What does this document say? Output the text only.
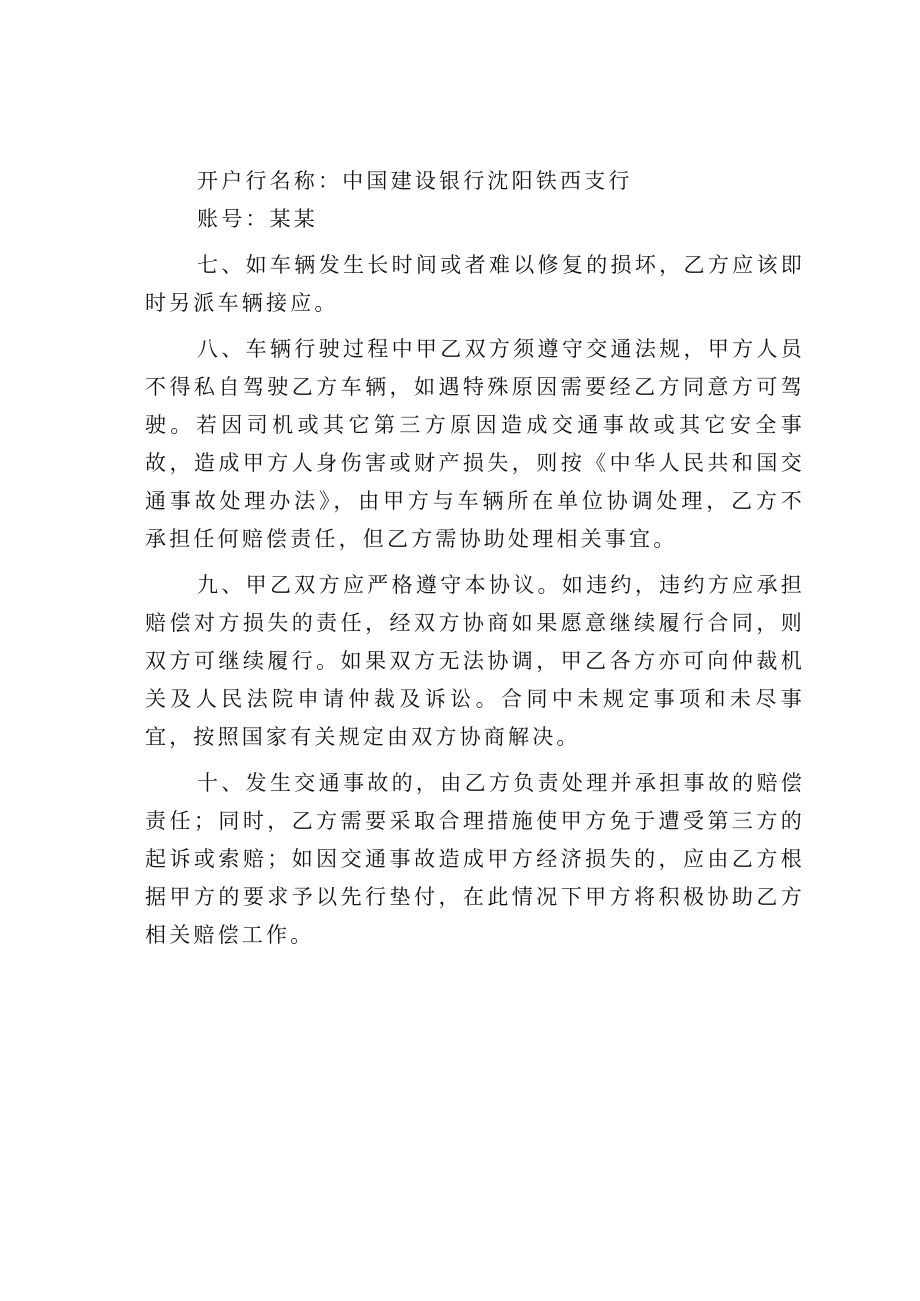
开户行名称：中国建设银行沈阳铁西支行

账号：某某

七、如车辆发生长时间或者难以修复的损坏，乙方应该即时另派车辆接应。

八、车辆行驶过程中甲乙双方须遵守交通法规，甲方人员不得私自驾驶乙方车辆，如遇特殊原因需要经乙方同意方可驾驶。若因司机或其它第三方原因造成交通事故或其它安全事故，造成甲方人身伤害或财产损失，则按《中华人民共和国交通事故处理办法》，由甲方与车辆所在单位协调处理，乙方不承担任何赔偿责任，但乙方需协助处理相关事宜。

九、甲乙双方应严格遵守本协议。如违约，违约方应承担赔偿对方损失的责任，经双方协商如果愿意继续履行合同，则双方可继续履行。如果双方无法协调，甲乙各方亦可向仲裁机关及人民法院申请仲裁及诉讼。合同中未规定事项和未尽事宜，按照国家有关规定由双方协商解决。

十、发生交通事故的，由乙方负责处理并承担事故的赔偿责任；同时，乙方需要采取合理措施使甲方免于遭受第三方的起诉或索赔；如因交通事故造成甲方经济损失的，应由乙方根据甲方的要求予以先行垫付，在此情况下甲方将积极协助乙方相关赔偿工作。
